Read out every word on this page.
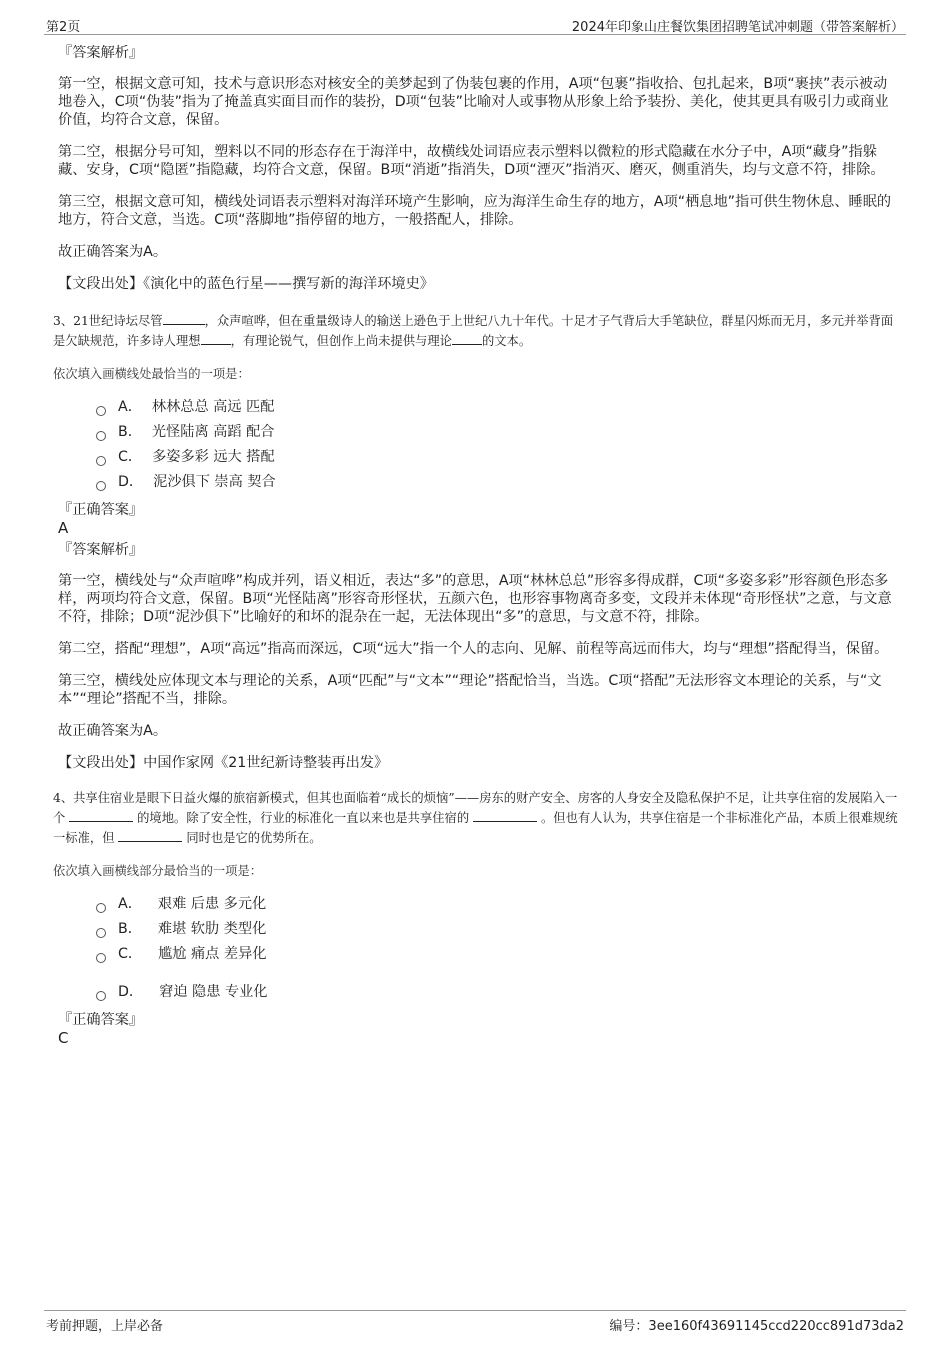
第2页	2024年印象山庄餐饮集团招聘笔试冲刺题（带答案解析）
『答案解析』

第一空，根据文意可知，技术与意识形态对核安全的美梦起到了伪装包裹的作用，A项“包裹”指收拾、包扎起来，B项“裹挟”表示被动地卷入，C项“伪装”指为了掩盖真实面目而作的装扮，D项“包装”比喻对人或事物从形象上给予装扮、美化，使其更具有吸引力或商业价值，均符合文意，保留。

第二空，根据分号可知，塑料以不同的形态存在于海洋中，故横线处词语应表示塑料以微粒的形式隐藏在水分子中，A项“藏身”指躲藏、安身，C项“隐匿”指隐藏，均符合文意，保留。B项“消逝”指消失，D项“湮灭”指消灭、磨灭，侧重消失，均与文意不符，排除。

第三空，根据文意可知，横线处词语表示塑料对海洋环境产生影响，应为海洋生命生存的地方，A项“栖息地”指可供生物休息、睡眠的地方，符合文意，当选。C项“落脚地”指停留的地方，一般搭配人，排除。

故正确答案为A。

【文段出处】《演化中的蓝色行星——撰写新的海洋环境史》

3、21世纪诗坛尽管	，众声喧哗，但在重量级诗人的输送上逊色于上世纪八九十年代。十足才子气背后大手笔缺位，群星闪烁而无月，多元并举背面是欠缺规范，许多诗人理想 ，有理论锐气，但创作上尚未提供与理论 的文本。

依次填入画横线处最恰当的一项是：

A． 林林总总 高远 匹配
B． 光怪陆离 高蹈 配合
C． 多姿多彩 远大 搭配
D． 泥沙俱下 崇高 契合
『正确答案』
A
『答案解析』

第一空，横线处与“众声喧哗”构成并列，语义相近，表达“多”的意思，A项“林林总总”形容多得成群，C项“多姿多彩”形容颜色形态多样，两项均符合文意，保留。B项“光怪陆离”形容奇形怪状，五颜六色，也形容事物离奇多变，文段并未体现“奇形怪状”之意，与文意不符，排除；D项“泥沙俱下”比喻好的和坏的混杂在一起，无法体现出“多”的意思，与文意不符，排除。

第二空，搭配“理想”，A项“高远”指高而深远，C项“远大”指一个人的志向、见解、前程等高远而伟大，均与“理想”搭配得当，保留。

第三空，横线处应体现文本与理论的关系，A项“匹配”与“文本”“理论”搭配恰当，当选。C项“搭配”无法形容文本理论的关系，与“文本”“理论”搭配不当，排除。

故正确答案为A。

【文段出处】中国作家网《21世纪新诗整装再出发》

4、共享住宿业是眼下日益火爆的旅宿新模式，但其也面临着“成长的烦恼”——房东的财产安全、房客的人身安全及隐私保护不足，让共享住宿的发展陷入一个	的境地。除了安全性，行业的标准化一直以来也是共享住宿的	。但也有人认为，共享住宿是一个非标准化产品，本质上很难规统一标准，但	同时也是它的优势所在。

依次填入画横线部分最恰当的一项是：

A． 艰难 后患 多元化
B． 难堪 软肋 类型化
C． 尴尬 痛点 差异化
D． 窘迫 隐患 专业化
『正确答案』
C
考前押题，上岸必备	编号：3ee160f43691145ccd220cc891d73da2
